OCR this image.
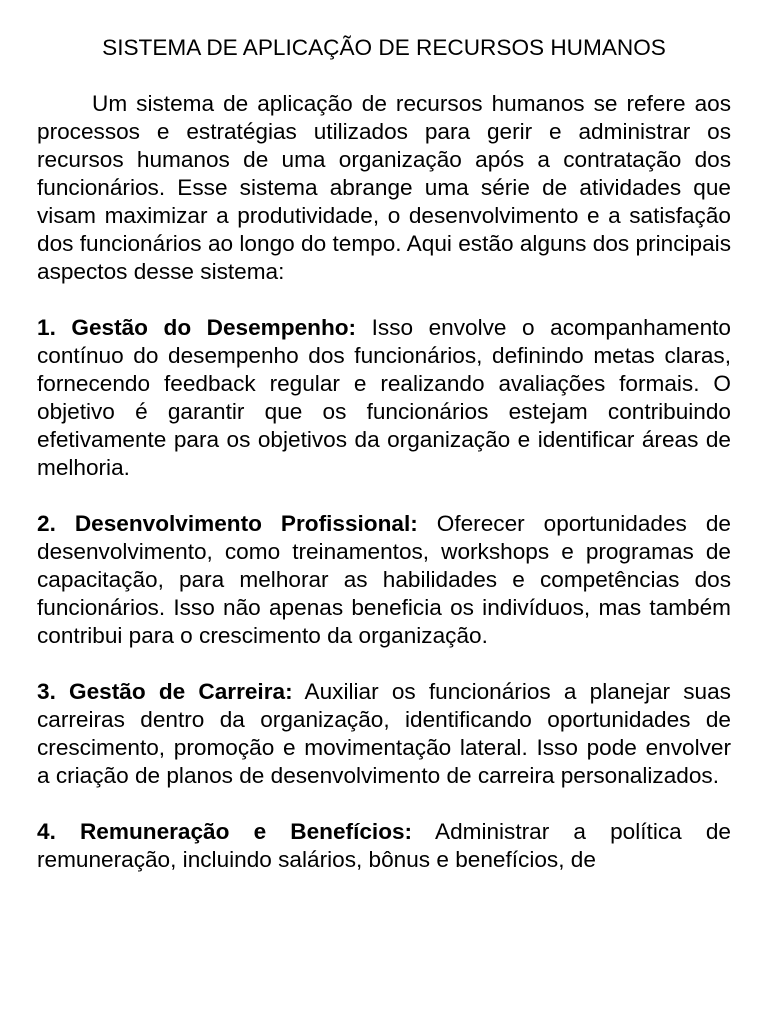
SISTEMA DE APLICAÇÃO DE RECURSOS HUMANOS

Um sistema de aplicação de recursos humanos se refere aos processos e estratégias utilizados para gerir e administrar os recursos humanos de uma organização após a contratação dos funcionários. Esse sistema abrange uma série de atividades que visam maximizar a produtividade, o desenvolvimento e a satisfação dos funcionários ao longo do tempo. Aqui estão alguns dos principais aspectos desse sistema:

1. Gestão do Desempenho: Isso envolve o acompanhamento contínuo do desempenho dos funcionários, definindo metas claras, fornecendo feedback regular e realizando avaliações formais. O objetivo é garantir que os funcionários estejam contribuindo efetivamente para os objetivos da organização e identificar áreas de melhoria.

2. Desenvolvimento Profissional: Oferecer oportunidades de desenvolvimento, como treinamentos, workshops e programas de capacitação, para melhorar as habilidades e competências dos funcionários. Isso não apenas beneficia os indivíduos, mas também contribui para o crescimento da organização.

3. Gestão de Carreira: Auxiliar os funcionários a planejar suas carreiras dentro da organização, identificando oportunidades de crescimento, promoção e movimentação lateral. Isso pode envolver a criação de planos de desenvolvimento de carreira personalizados.

4. Remuneração e Benefícios: Administrar a política de remuneração, incluindo salários, bônus e benefícios, de
